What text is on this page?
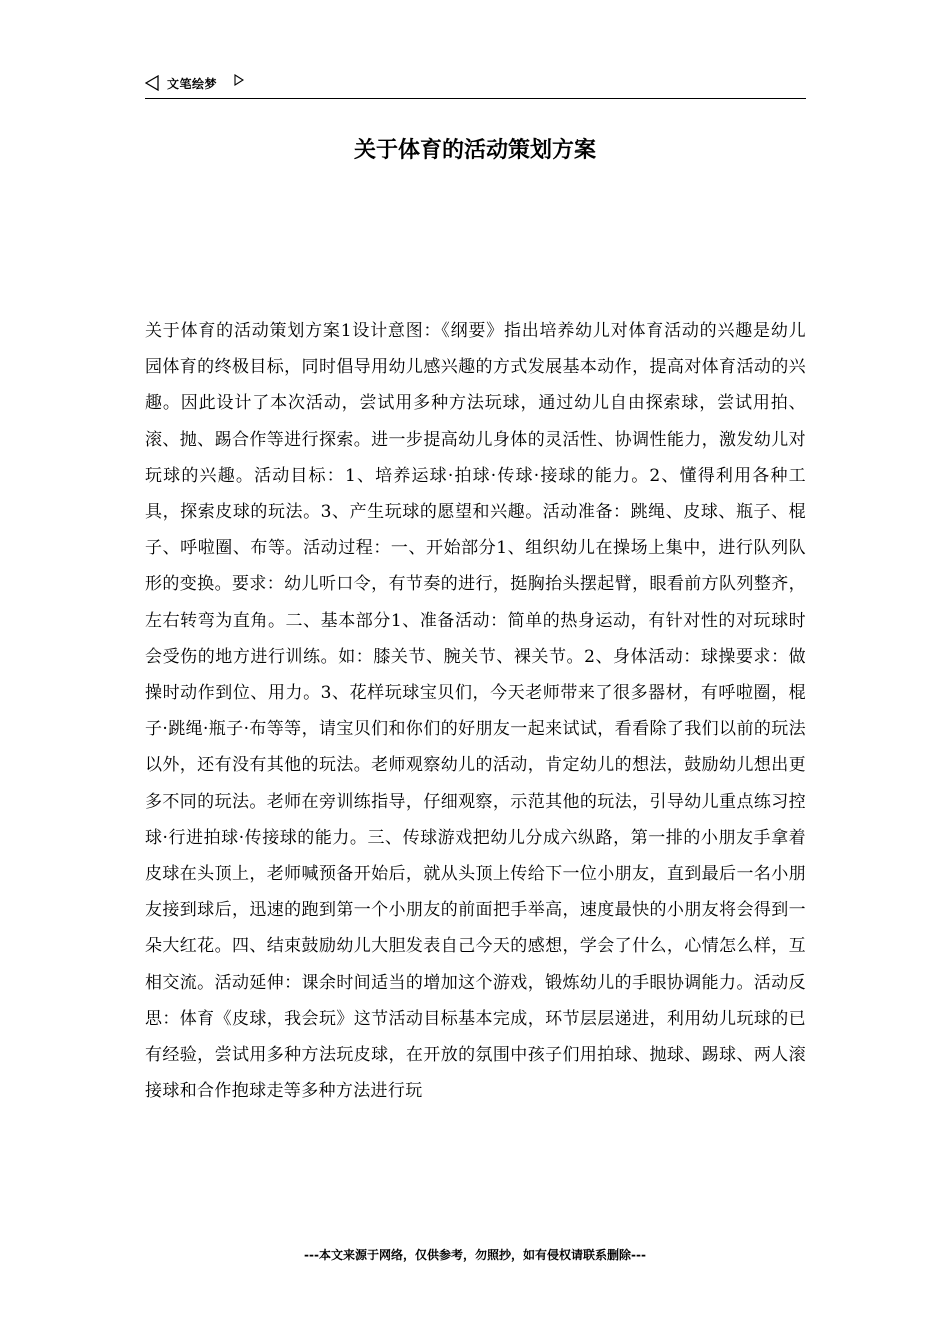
文笔绘梦
关于体育的活动策划方案

关于体育的活动策划方案1设计意图：《纲要》指出培养幼儿对体育活动的兴趣是幼儿园体育的终极目标，同时倡导用幼儿感兴趣的方式发展基本动作，提高对体育活动的兴趣。因此设计了本次活动，尝试用多种方法玩球，通过幼儿自由探索球，尝试用拍、滚、抛、踢合作等进行探索。进一步提高幼儿身体的灵活性、协调性能力，激发幼儿对玩球的兴趣。活动目标：1、培养运球·拍球·传球·接球的能力。2、懂得利用各种工具，探索皮球的玩法。3、产生玩球的愿望和兴趣。活动准备：跳绳、皮球、瓶子、棍子、呼啦圈、布等。活动过程：一、开始部分1、组织幼儿在操场上集中，进行队列队形的变换。要求：幼儿听口令，有节奏的进行，挺胸抬头摆起臂，眼看前方队列整齐，左右转弯为直角。二、基本部分1、准备活动：简单的热身运动，有针对性的对玩球时会受伤的地方进行训练。如：膝关节、腕关节、裸关节。2、身体活动：球操要求：做操时动作到位、用力。3、花样玩球宝贝们，今天老师带来了很多器材，有呼啦圈，棍子·跳绳·瓶子·布等等，请宝贝们和你们的好朋友一起来试试，看看除了我们以前的玩法以外，还有没有其他的玩法。老师观察幼儿的活动，肯定幼儿的想法，鼓励幼儿想出更多不同的玩法。老师在旁训练指导，仔细观察，示范其他的玩法，引导幼儿重点练习控球·行进拍球·传接球的能力。三、传球游戏把幼儿分成六纵路，第一排的小朋友手拿着皮球在头顶上，老师喊预备开始后，就从头顶上传给下一位小朋友，直到最后一名小朋友接到球后，迅速的跑到第一个小朋友的前面把手举高，速度最快的小朋友将会得到一朵大红花。四、结束鼓励幼儿大胆发表自己今天的感想，学会了什么，心情怎么样，互相交流。活动延伸：课余时间适当的增加这个游戏，锻炼幼儿的手眼协调能力。活动反思：体育《皮球，我会玩》这节活动目标基本完成，环节层层递进，利用幼儿玩球的已有经验，尝试用多种方法玩皮球，在开放的氛围中孩子们用拍球、抛球、踢球、两人滚接球和合作抱球走等多种方法进行玩

---本文来源于网络，仅供参考，勿照抄，如有侵权请联系删除---
